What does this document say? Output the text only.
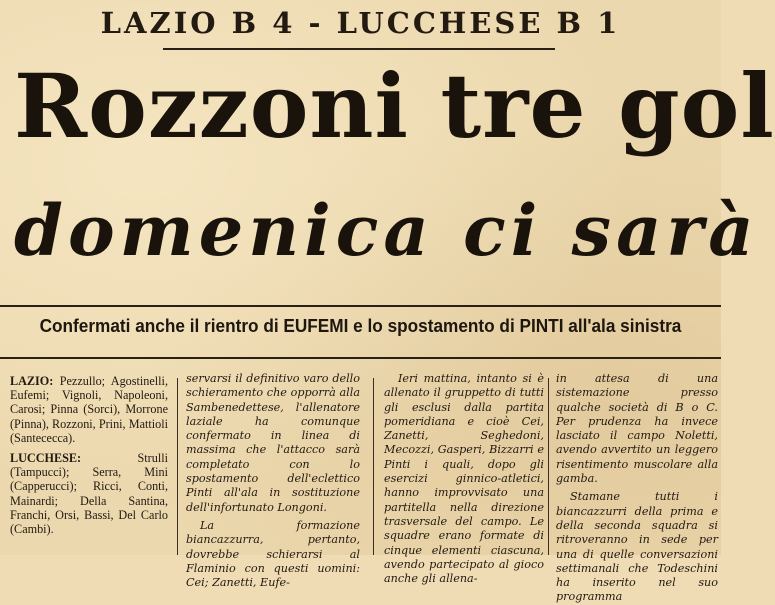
LAZIO B 4 - LUCCHESE B 1
Rozzoni tre gol
domenica ci sarà
Confermati anche il rientro di EUFEMI e lo spostamento di PINTI all'ala sinistra

LAZIO: Pezzullo; Agostinelli, Eufemi; Vignoli, Napoleoni, Carosi; Pinna (Sorci), Morrone (Pinna), Rozzoni, Prini, Mattioli (Santececca).

LUCCHESE: Strulli (Tampucci); Serra, Mini (Capperucci); Ricci, Conti, Mainardi; Della Santina, Franchi, Orsi, Bassi, Del Carlo (Cambi).

servarsi il definitivo varo dello schieramento che opporrà alla Sambenedettese, l'allenatore laziale ha comunque confermato in linea di massima che l'attacco sarà completato con lo spostamento dell'eclettico Pinti all'ala in sostituzione dell'infortunato Longoni.

La formazione biancazzurra, pertanto, dovrebbe schierarsi al Flaminio con questi uomini: Cei; Zanetti, Eufe-

Ieri mattina, intanto si è allenato il gruppetto di tutti gli esclusi dalla partita pomeridiana e cioè Cei, Zanetti, Seghedoni, Mecozzi, Gasperi, Bizzarri e Pinti i quali, dopo gli esercizi ginnico-atletici, hanno improvvisato una partitella nella direzione trasversale del campo. Le squadre erano formate di cinque elementi ciascuna, avendo partecipato al gioco anche gli allena-

in attesa di una sistemazione presso qualche società di B o C. Per prudenza ha invece lasciato il campo Noletti, avendo avvertito un leggero risentimento muscolare alla gamba.

Stamane tutti i biancazzurri della prima e della seconda squadra si ritroveranno in sede per una di quelle conversazioni settimanali che Todeschini ha inserito nel suo programma
